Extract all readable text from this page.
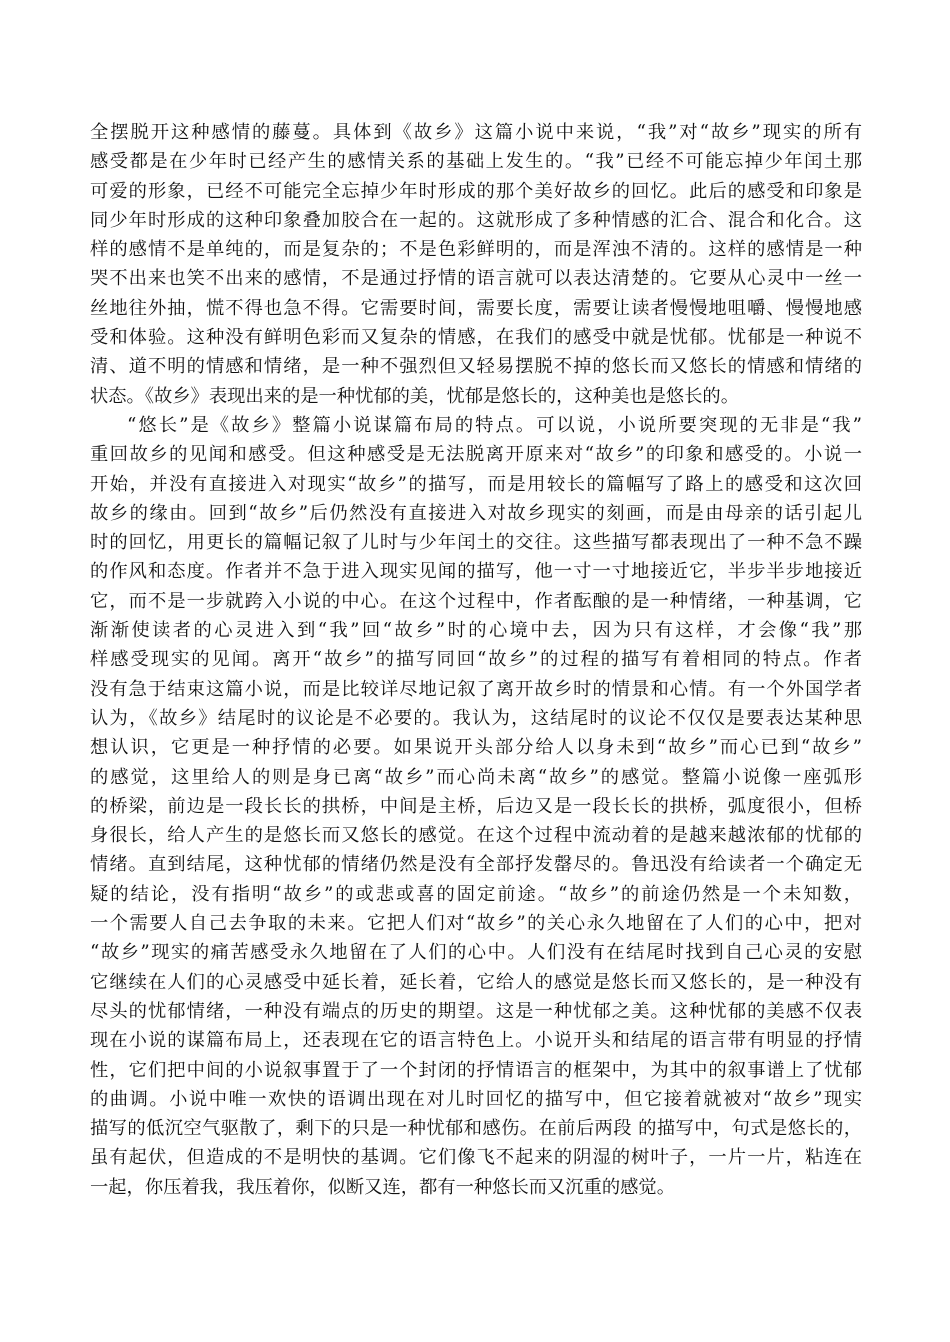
全摆脱开这种感情的藤蔓。具体到《故乡》这篇小说中来说，“我”对“故乡”现实的所有
感受都是在少年时已经产生的感情关系的基础上发生的。“我”已经不可能忘掉少年闰土那
可爱的形象，已经不可能完全忘掉少年时形成的那个美好故乡的回忆。此后的感受和印象是
同少年时形成的这种印象叠加胶合在一起的。这就形成了多种情感的汇合、混合和化合。这
样的感情不是单纯的，而是复杂的；不是色彩鲜明的，而是浑浊不清的。这样的感情是一种
哭不出来也笑不出来的感情，不是通过抒情的语言就可以表达清楚的。它要从心灵中一丝一
丝地往外抽，慌不得也急不得。它需要时间，需要长度，需要让读者慢慢地咀嚼、慢慢地感
受和体验。这种没有鲜明色彩而又复杂的情感，在我们的感受中就是忧郁。忧郁是一种说不
清、道不明的情感和情绪，是一种不强烈但又轻易摆脱不掉的悠长而又悠长的情感和情绪的
状态。《故乡》表现出来的是一种忧郁的美，忧郁是悠长的，这种美也是悠长的。
“悠长”是《故乡》整篇小说谋篇布局的特点。可以说，小说所要突现的无非是“我”
重回故乡的见闻和感受。但这种感受是无法脱离开原来对“故乡”的印象和感受的。小说一
开始，并没有直接进入对现实“故乡”的描写，而是用较长的篇幅写了路上的感受和这次回
故乡的缘由。回到“故乡”后仍然没有直接进入对故乡现实的刻画，而是由母亲的话引起儿
时的回忆，用更长的篇幅记叙了儿时与少年闰土的交往。这些描写都表现出了一种不急不躁
的作风和态度。作者并不急于进入现实见闻的描写，他一寸一寸地接近它，半步半步地接近
它，而不是一步就跨入小说的中心。在这个过程中，作者酝酿的是一种情绪，一种基调，它
渐渐使读者的心灵进入到“我”回“故乡”时的心境中去，因为只有这样，才会像“我”那
样感受现实的见闻。离开“故乡”的描写同回“故乡”的过程的描写有着相同的特点。作者
没有急于结束这篇小说，而是比较详尽地记叙了离开故乡时的情景和心情。有一个外国学者
认为，《故乡》结尾时的议论是不必要的。我认为，这结尾时的议论不仅仅是要表达某种思
想认识，它更是一种抒情的必要。如果说开头部分给人以身未到“故乡”而心已到“故乡”
的感觉，这里给人的则是身已离“故乡”而心尚未离“故乡”的感觉。整篇小说像一座弧形
的桥梁，前边是一段长长的拱桥，中间是主桥，后边又是一段长长的拱桥，弧度很小，但桥
身很长，给人产生的是悠长而又悠长的感觉。在这个过程中流动着的是越来越浓郁的忧郁的
情绪。直到结尾，这种忧郁的情绪仍然是没有全部抒发罄尽的。鲁迅没有给读者一个确定无
疑的结论，没有指明“故乡”的或悲或喜的固定前途。“故乡”的前途仍然是一个未知数，
一个需要人自己去争取的未来。它把人们对“故乡”的关心永久地留在了人们的心中，把对
“故乡”现实的痛苦感受永久地留在了人们的心中。人们没有在结尾时找到自己心灵的安慰
它继续在人们的心灵感受中延长着，延长着，它给人的感觉是悠长而又悠长的，是一种没有
尽头的忧郁情绪，一种没有端点的历史的期望。这是一种忧郁之美。这种忧郁的美感不仅表
现在小说的谋篇布局上，还表现在它的语言特色上。小说开头和结尾的语言带有明显的抒情
性，它们把中间的小说叙事置于了一个封闭的抒情语言的框架中，为其中的叙事谱上了忧郁
的曲调。小说中唯一欢快的语调出现在对儿时回忆的描写中，但它接着就被对“故乡”现实
描写的低沉空气驱散了，剩下的只是一种忧郁和感伤。在前后两段 的描写中，句式是悠长的，
虽有起伏，但造成的不是明快的基调。它们像飞不起来的阴湿的树叶子，一片一片，粘连在
一起，你压着我，我压着你，似断又连，都有一种悠长而又沉重的感觉。
